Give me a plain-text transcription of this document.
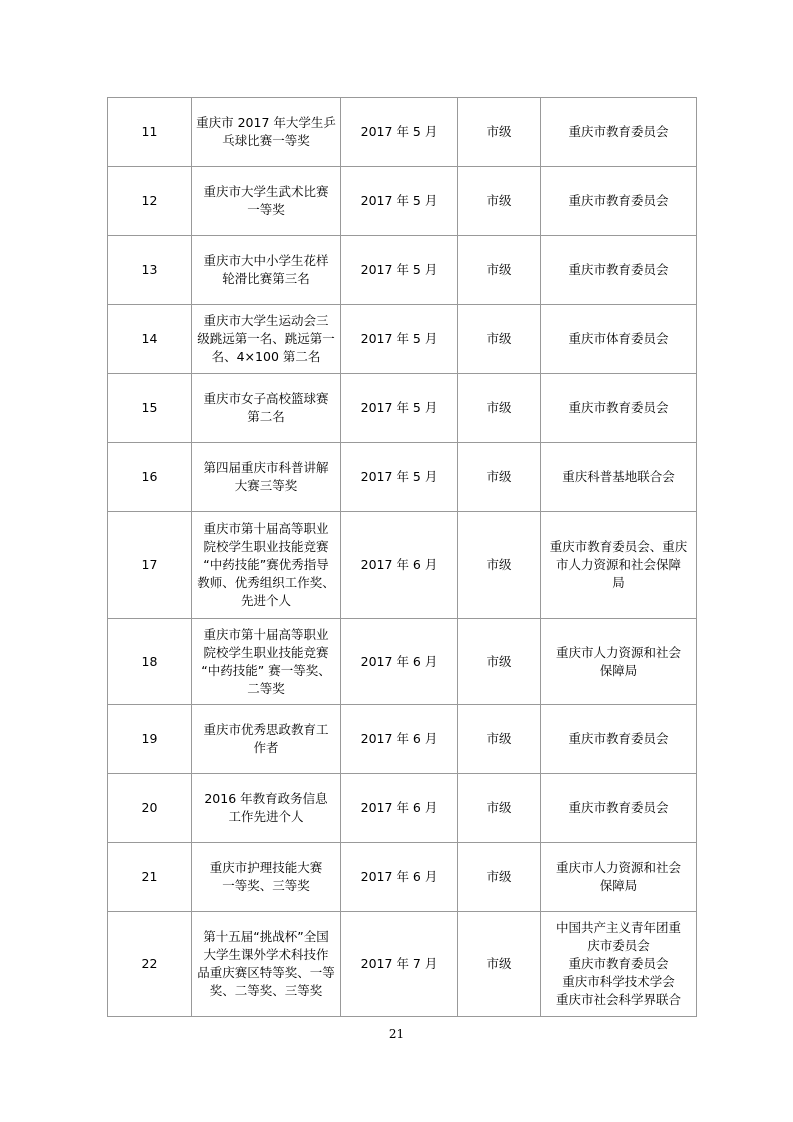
11	重庆市 2017 年大学生乒
乓球比赛一等奖	2017 年 5 月	市级	重庆市教育委员会
12	重庆市大学生武术比赛
一等奖	2017 年 5 月	市级	重庆市教育委员会
13	重庆市大中小学生花样
轮滑比赛第三名	2017 年 5 月	市级	重庆市教育委员会
14	重庆市大学生运动会三
级跳远第一名、跳远第一
名、4×100 第二名	2017 年 5 月	市级	重庆市体育委员会
15	重庆市女子高校篮球赛
第二名	2017 年 5 月	市级	重庆市教育委员会
16	第四届重庆市科普讲解
大赛三等奖	2017 年 5 月	市级	重庆科普基地联合会
17	重庆市第十届高等职业
院校学生职业技能竞赛
“中药技能”赛优秀指导
教师、优秀组织工作奖、
先进个人	2017 年 6 月	市级	重庆市教育委员会、重庆
市人力资源和社会保障
局
18	重庆市第十届高等职业
院校学生职业技能竞赛
“中药技能” 赛一等奖、
二等奖	2017 年 6 月	市级	重庆市人力资源和社会
保障局
19	重庆市优秀思政教育工
作者	2017 年 6 月	市级	重庆市教育委员会
20	2016 年教育政务信息
工作先进个人	2017 年 6 月	市级	重庆市教育委员会
21	重庆市护理技能大赛
一等奖、三等奖	2017 年 6 月	市级	重庆市人力资源和社会
保障局
22	第十五届“挑战杯”全国
大学生课外学术科技作
品重庆赛区特等奖、一等
奖、二等奖、三等奖	2017 年 7 月	市级	中国共产主义青年团重
庆市委员会
重庆市教育委员会
重庆市科学技术学会
重庆市社会科学界联合
21
